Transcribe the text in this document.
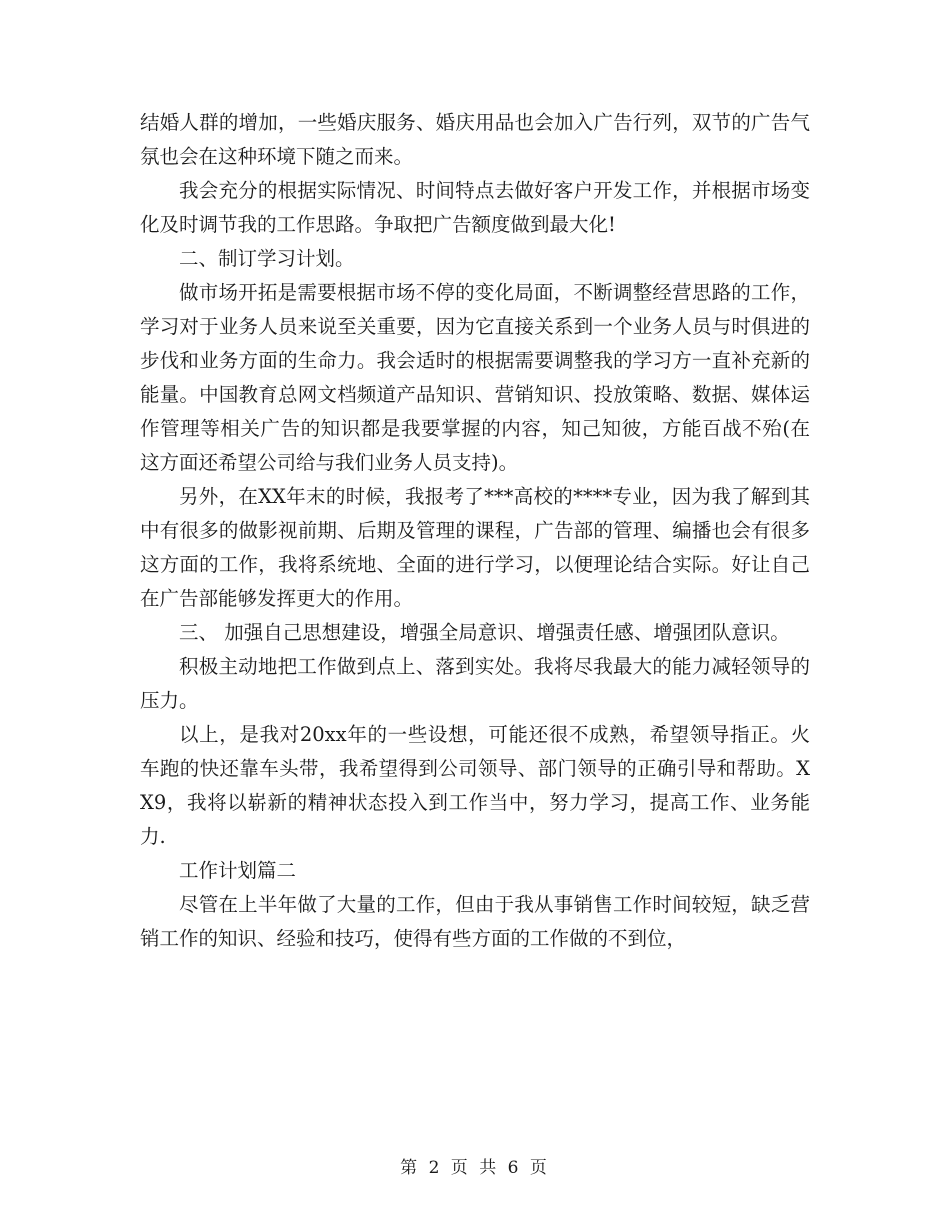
结婚人群的增加，一些婚庆服务、婚庆用品也会加入广告行列，双节的广告气氛也会在这种环境下随之而来。

我会充分的根据实际情况、时间特点去做好客户开发工作，并根据市场变化及时调节我的工作思路。争取把广告额度做到最大化!

二、制订学习计划。

做市场开拓是需要根据市场不停的变化局面，不断调整经营思路的工作，学习对于业务人员来说至关重要，因为它直接关系到一个业务人员与时俱进的步伐和业务方面的生命力。我会适时的根据需要调整我的学习方一直补充新的能量。中国教育总网文档频道产品知识、营销知识、投放策略、数据、媒体运作管理等相关广告的知识都是我要掌握的内容，知己知彼，方能百战不殆(在这方面还希望公司给与我们业务人员支持)。

另外，在XX年末的时候，我报考了***高校的****专业，因为我了解到其中有很多的做影视前期、后期及管理的课程，广告部的管理、编播也会有很多这方面的工作，我将系统地、全面的进行学习，以便理论结合实际。好让自己在广告部能够发挥更大的作用。

三、 加强自己思想建设，增强全局意识、增强责任感、增强团队意识。

积极主动地把工作做到点上、落到实处。我将尽我最大的能力减轻领导的压力。

以上，是我对20xx年的一些设想，可能还很不成熟，希望领导指正。火车跑的快还靠车头带，我希望得到公司领导、部门领导的正确引导和帮助。XX9，我将以崭新的精神状态投入到工作当中，努力学习，提高工作、业务能力.

工作计划篇二

尽管在上半年做了大量的工作，但由于我从事销售工作时间较短，缺乏营销工作的知识、经验和技巧，使得有些方面的工作做的不到位，

第 2 页 共 6 页
